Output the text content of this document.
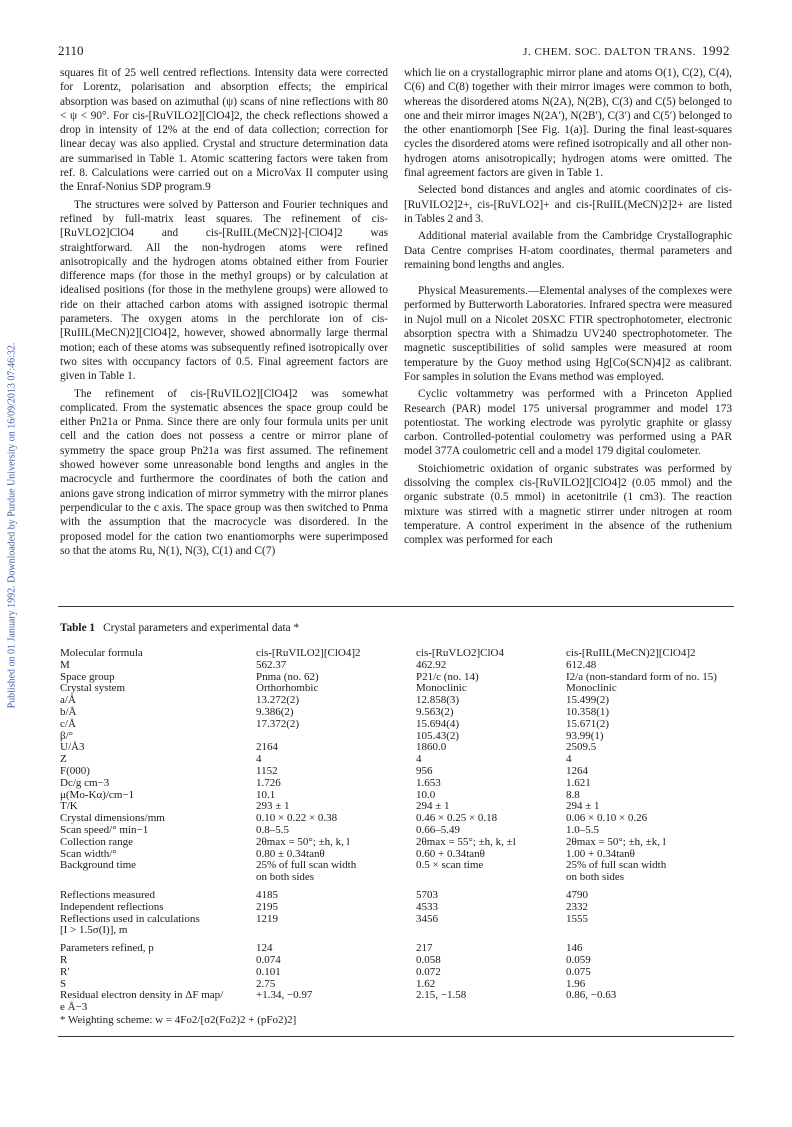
Published on 01 January 1992. Downloaded by Purdue University on 16/09/2013 07:46:32.
2110	J. CHEM. SOC. DALTON TRANS. 1992

squares fit of 25 well centred reflections. Intensity data were corrected for Lorentz, polarisation and absorption effects; the empirical absorption was based on azimuthal (ψ) scans of nine reflections with 80 < ψ < 90°. For cis-[RuVILO2][ClO4]2, the check reflections showed a drop in intensity of 12% at the end of data collection; correction for linear decay was also applied. Crystal and structure determination data are summarised in Table 1. Atomic scattering factors were taken from ref. 8. Calculations were carried out on a MicroVax II computer using the Enraf-Nonius SDP program.9

The structures were solved by Patterson and Fourier techniques and refined by full-matrix least squares. The refinement of cis-[RuVLO2]ClO4 and cis-[RuIIL(MeCN)2]-[ClO4]2 was straightforward. All the non-hydrogen atoms were refined anisotropically and the hydrogen atoms obtained either from Fourier difference maps (for those in the methyl groups) or by calculation at idealised positions (for those in the methylene groups) were allowed to ride on their attached carbon atoms with assigned isotropic thermal parameters. The oxygen atoms in the perchlorate ion of cis-[RuIIL(MeCN)2][ClO4]2, however, showed abnormally large thermal motion; each of these atoms was subsequently refined isotropically over two sites with occupancy factors of 0.5. Final agreement factors are given in Table 1.

The refinement of cis-[RuVILO2][ClO4]2 was somewhat complicated. From the systematic absences the space group could be either Pn21a or Pnma. Since there are only four formula units per unit cell and the cation does not possess a centre or mirror plane of symmetry the space group Pn21a was first assumed. The refinement showed however some unreasonable bond lengths and angles in the macrocycle and furthermore the coordinates of both the cation and anions gave strong indication of mirror symmetry with the mirror planes perpendicular to the c axis. The space group was then switched to Pnma with the assumption that the macrocycle was disordered. In the proposed model for the cation two enantiomorphs were superimposed so that the atoms Ru, N(1), N(3), C(1) and C(7)

which lie on a crystallographic mirror plane and atoms O(1), C(2), C(4), C(6) and C(8) together with their mirror images were common to both, whereas the disordered atoms N(2A), N(2B), C(3) and C(5) belonged to one and their mirror images N(2A′), N(2B′), C(3′) and C(5′) belonged to the other enantiomorph [See Fig. 1(a)]. During the final least-squares cycles the disordered atoms were refined isotropically and all other non-hydrogen atoms anisotropically; hydrogen atoms were omitted. The final agreement factors are given in Table 1.

Selected bond distances and angles and atomic coordinates of cis-[RuVILO2]2+, cis-[RuVLO2]+ and cis-[RuIIL(MeCN)2]2+ are listed in Tables 2 and 3.

Additional material available from the Cambridge Crystallographic Data Centre comprises H-atom coordinates, thermal parameters and remaining bond lengths and angles.

Physical Measurements.—Elemental analyses of the complexes were performed by Butterworth Laboratories. Infrared spectra were measured in Nujol mull on a Nicolet 20SXC FTIR spectrophotometer, electronic absorption spectra with a Shimadzu UV240 spectrophotometer. The magnetic susceptibilities of solid samples were measured at room temperature by the Guoy method using Hg[Co(SCN)4]2 as calibrant. For samples in solution the Evans method was employed.

Cyclic voltammetry was performed with a Princeton Applied Research (PAR) model 175 universal programmer and model 173 potentiostat. The working electrode was pyrolytic graphite or glassy carbon. Controlled-potential coulometry was performed using a PAR model 377A coulometric cell and a model 179 digital coulometer.

Stoichiometric oxidation of organic substrates was performed by dissolving the complex cis-[RuVILO2][ClO4]2 (0.05 mmol) and the organic substrate (0.5 mmol) in acetonitrile (1 cm3). The reaction mixture was stirred with a magnetic stirrer under nitrogen at room temperature. A control experiment in the absence of the ruthenium complex was performed for each

Table 1 Crystal parameters and experimental data *
Molecular formula	cis-[RuVILO2][ClO4]2	cis-[RuVLO2]ClO4	cis-[RuIIL(MeCN)2][ClO4]2
M	562.37	462.92	612.48
Space group	Pnma (no. 62)	P21/c (no. 14)	I2/a (non-standard form of no. 15)
Crystal system	Orthorhombic	Monoclinic	Monoclinic
a/Å	13.272(2)	12.858(3)	15.499(2)
b/Å	9.386(2)	9.563(2)	10.358(1)
c/Å	17.372(2)	15.694(4)	15.671(2)
β/°		105.43(2)	93.99(1)
U/Å3	2164	1860.0	2509.5
Z	4	4	4
F(000)	1152	956	1264
Dc/g cm−3	1.726	1.653	1.621
μ(Mo-Kα)/cm−1	10.1	10.0	8.8
T/K	293 ± 1	294 ± 1	294 ± 1
Crystal dimensions/mm	0.10 × 0.22 × 0.38	0.46 × 0.25 × 0.18	0.06 × 0.10 × 0.26
Scan speed/° min−1	0.8–5.5	0.66–5.49	1.0–5.5
Collection range	2θmax = 50°; ±h, k, l	2θmax = 55°; ±h, k, ±l	2θmax = 50°; ±h, ±k, l
Scan width/°	0.80 ± 0.34tanθ	0.60 + 0.34tanθ	1.00 + 0.34tanθ
Background time	25% of full scan width	0.5 × scan time	25% of full scan width
	on both sides		on both sides
Reflections measured	4185	5703	4790
Independent reflections	2195	4533	2332
Reflections used in calculations	1219	3456	1555
[I > 1.5σ(I)], m			
Parameters refined, p	124	217	146
R	0.074	0.058	0.059
R′	0.101	0.072	0.075
S	2.75	1.62	1.96
Residual electron density in ΔF map/	+1.34, −0.97	2.15, −1.58	0.86, −0.63
e Å−3			
* Weighting scheme: w = 4Fo2/[σ2(Fo2)2 + (pFo2)2]
